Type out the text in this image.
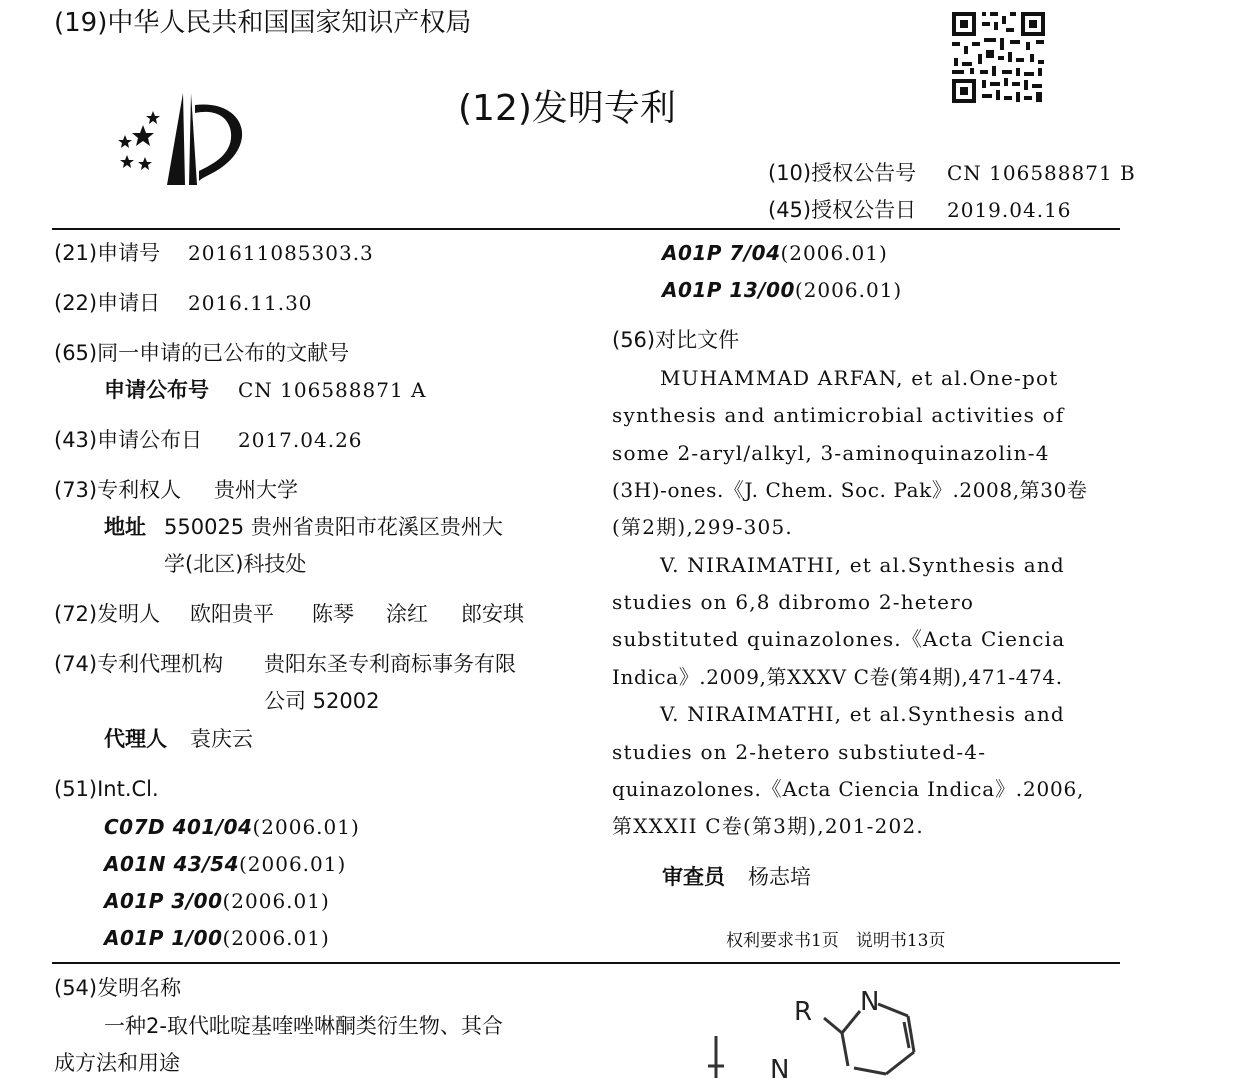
(19)中华人民共和国国家知识产权局
(12)发明专利
(10)授权公告号 CN 106588871 B
(45)授权公告日 2019.04.16
(21)申请号 201611085303.3
(22)申请日 2016.11.30
(65)同一申请的已公布的文献号
申请公布号 CN 106588871 A
(43)申请公布日 2017.04.26
(73)专利权人 贵州大学
地址 550025 贵州省贵阳市花溪区贵州大
学(北区)科技处
(72)发明人 欧阳贵平 陈琴 涂红 郎安琪
(74)专利代理机构 贵阳东圣专利商标事务有限
公司 52002
代理人 袁庆云
(51)Int.Cl.
C07D 401/04(2006.01)
A01N 43/54(2006.01)
A01P 3/00(2006.01)
A01P 1/00(2006.01)
A01P 7/04(2006.01)
A01P 13/00(2006.01)
(56)对比文件
MUHAMMAD ARFAN, et al.One-pot
synthesis and antimicrobial activities of
some 2-aryl/alkyl, 3-aminoquinazolin-4
(3H)-ones.《J. Chem. Soc. Pak》.2008,第30卷
(第2期),299-305.
V. NIRAIMATHI, et al.Synthesis and
studies on 6,8 dibromo 2-hetero
substituted quinazolones.《Acta Ciencia
Indica》.2009,第XXXV C卷(第4期),471-474.
V. NIRAIMATHI, et al.Synthesis and
studies on 2-hetero substiuted-4-
quinazolones.《Acta Ciencia Indica》.2006,
第XXXII C卷(第3期),201-202.
审查员 杨志培
权利要求书1页　说明书13页
(54)发明名称
一种2-取代吡啶基喹唑啉酮类衍生物、其合
成方法和用途
R N
N
